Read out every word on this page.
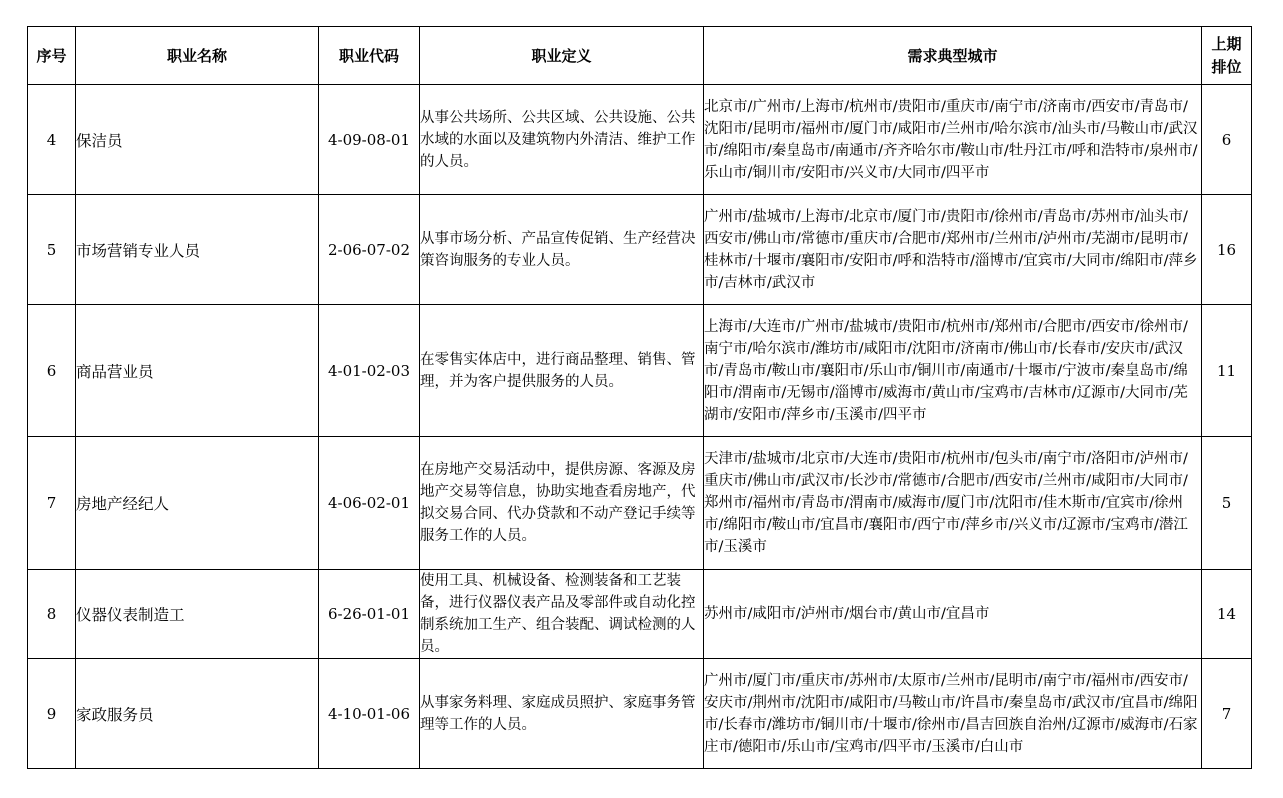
序号	职业名称	职业代码	职业定义	需求典型城市	上期排位

4	保洁员	4-09-08-01	从事公共场所、公共区域、公共设施、公共水域的水面以及建筑物内外清洁、维护工作的人员。	北京市/广州市/上海市/杭州市/贵阳市/重庆市/南宁市/济南市/西安市/青岛市/沈阳市/昆明市/福州市/厦门市/咸阳市/兰州市/哈尔滨市/汕头市/马鞍山市/武汉市/绵阳市/秦皇岛市/南通市/齐齐哈尔市/鞍山市/牡丹江市/呼和浩特市/泉州市/乐山市/铜川市/安阳市/兴义市/大同市/四平市	6
5	市场营销专业人员	2-06-07-02	从事市场分析、产品宣传促销、生产经营决策咨询服务的专业人员。	广州市/盐城市/上海市/北京市/厦门市/贵阳市/徐州市/青岛市/苏州市/汕头市/西安市/佛山市/常德市/重庆市/合肥市/郑州市/兰州市/泸州市/芜湖市/昆明市/桂林市/十堰市/襄阳市/安阳市/呼和浩特市/淄博市/宜宾市/大同市/绵阳市/萍乡市/吉林市/武汉市	16
6	商品营业员	4-01-02-03	在零售实体店中，进行商品整理、销售、管理，并为客户提供服务的人员。	上海市/大连市/广州市/盐城市/贵阳市/杭州市/郑州市/合肥市/西安市/徐州市/南宁市/哈尔滨市/潍坊市/咸阳市/沈阳市/济南市/佛山市/长春市/安庆市/武汉市/青岛市/鞍山市/襄阳市/乐山市/铜川市/南通市/十堰市/宁波市/秦皇岛市/绵阳市/渭南市/无锡市/淄博市/威海市/黄山市/宝鸡市/吉林市/辽源市/大同市/芜湖市/安阳市/萍乡市/玉溪市/四平市	11
7	房地产经纪人	4-06-02-01	在房地产交易活动中，提供房源、客源及房地产交易等信息，协助实地查看房地产，代拟交易合同、代办贷款和不动产登记手续等服务工作的人员。	天津市/盐城市/北京市/大连市/贵阳市/杭州市/包头市/南宁市/洛阳市/泸州市/重庆市/佛山市/武汉市/长沙市/常德市/合肥市/西安市/兰州市/咸阳市/大同市/郑州市/福州市/青岛市/渭南市/威海市/厦门市/沈阳市/佳木斯市/宜宾市/徐州市/绵阳市/鞍山市/宜昌市/襄阳市/西宁市/萍乡市/兴义市/辽源市/宝鸡市/潜江市/玉溪市	5
8	仪器仪表制造工	6-26-01-01	使用工具、机械设备、检测装备和工艺装备，进行仪器仪表产品及零部件或自动化控制系统加工生产、组合装配、调试检测的人员。	苏州市/咸阳市/泸州市/烟台市/黄山市/宜昌市	14
9	家政服务员	4-10-01-06	从事家务料理、家庭成员照护、家庭事务管理等工作的人员。	广州市/厦门市/重庆市/苏州市/太原市/兰州市/昆明市/南宁市/福州市/西安市/安庆市/荆州市/沈阳市/咸阳市/马鞍山市/许昌市/秦皇岛市/武汉市/宜昌市/绵阳市/长春市/潍坊市/铜川市/十堰市/徐州市/昌吉回族自治州/辽源市/威海市/石家庄市/德阳市/乐山市/宝鸡市/四平市/玉溪市/白山市	7
